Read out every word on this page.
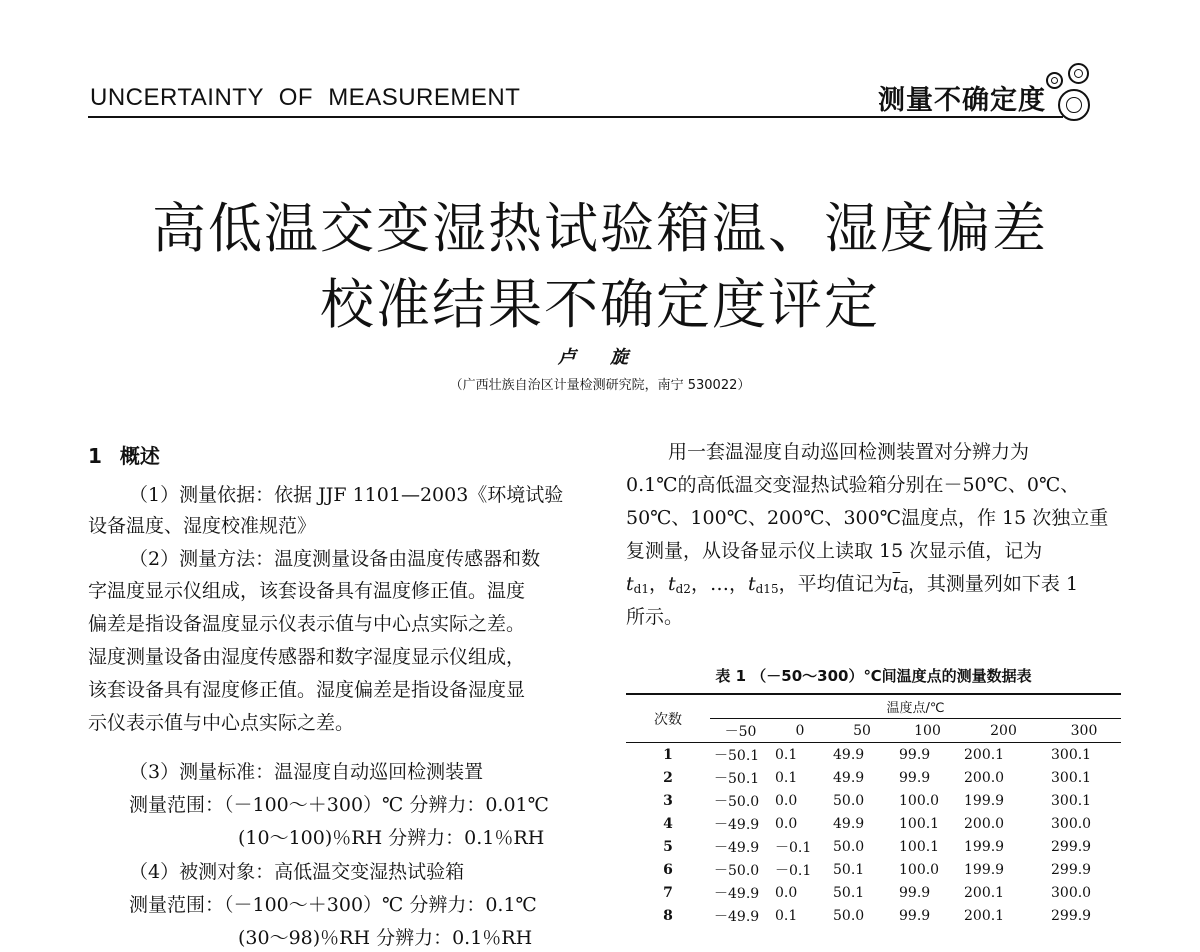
UNCERTAINTY OF MEASUREMENT	测量不确定度
高低温交变湿热试验箱温、湿度偏差
校准结果不确定度评定
卢 旋
（广西壮族自治区计量检测研究院，南宁 530022）
1 概述
（1）测量依据：依据 JJF 1101—2003《环境试验
设备温度、湿度校准规范》
（2）测量方法：温度测量设备由温度传感器和数
字温度显示仪组成，该套设备具有温度修正值。温度
偏差是指设备温度显示仪表示值与中心点实际之差。
湿度测量设备由湿度传感器和数字湿度显示仪组成，
该套设备具有湿度修正值。湿度偏差是指设备湿度显
示仪表示值与中心点实际之差。
（3）测量标准：温湿度自动巡回检测装置
测量范围：（－100～＋300）℃ 分辨力：0.01℃
(10～100)％RH 分辨力：0.1％RH
（4）被测对象：高低温交变湿热试验箱
测量范围：（－100～＋300）℃ 分辨力：0.1℃
(30～98)％RH 分辨力：0.1％RH
用一套温湿度自动巡回检测装置对分辨力为
0.1℃的高低温交变湿热试验箱分别在－50℃、0℃、
50℃、100℃、200℃、300℃温度点，作 15 次独立重
复测量，从设备显示仪上读取 15 次显示值，记为
$t_{d1}$，$t_{d2}$，…，$t_{d15}$，平均值记为$t_d$，其测量列如下表 1
所示。
表 1 （－50～300）℃间温度点的测量数据表
次数	温度点/℃					
	－50	0	50	100	200	300
1	－50.1	0.1	49.9	99.9	200.1	300.1
2	－50.1	0.1	49.9	99.9	200.0	300.1
3	－50.0	0.0	50.0	100.0	199.9	300.1
4	－49.9	0.0	49.9	100.1	200.0	300.0
5	－49.9	－0.1	50.0	100.1	199.9	299.9
6	－50.0	－0.1	50.1	100.0	199.9	299.9
7	－49.9	0.0	50.1	99.9	200.1	300.0
8	－49.9	0.1	50.0	99.9	200.1	299.9
